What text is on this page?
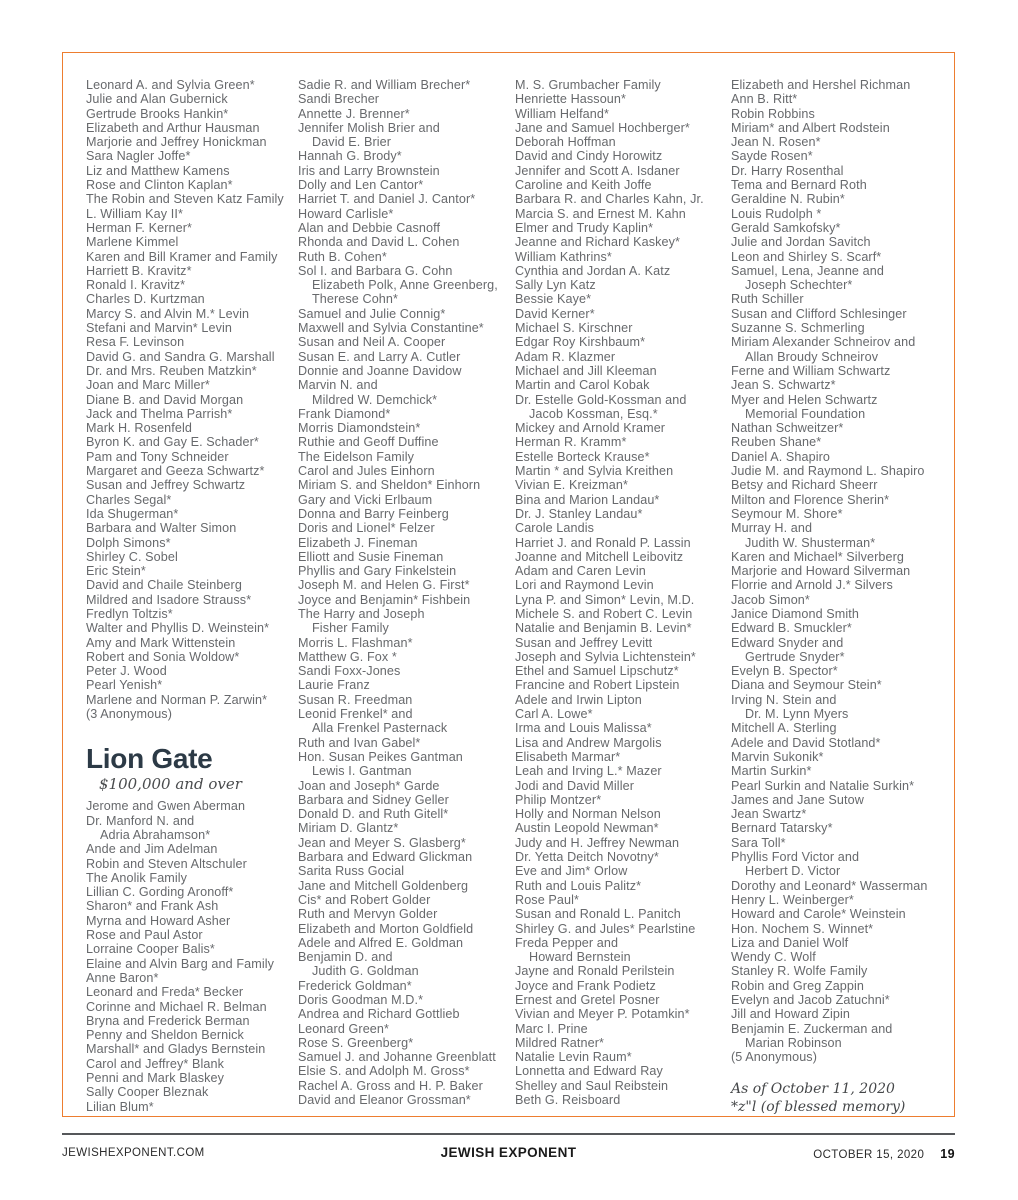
Leonard A. and Sylvia Green*
Julie and Alan Gubernick
Gertrude Brooks Hankin*
Elizabeth and Arthur Hausman
Marjorie and Jeffrey Honickman
Sara Nagler Joffe*
Liz and Matthew Kamens
Rose and Clinton Kaplan*
The Robin and Steven Katz Family
L. William Kay II*
Herman F. Kerner*
Marlene Kimmel
Karen and Bill Kramer and Family
Harriett B. Kravitz*
Ronald I. Kravitz*
Charles D. Kurtzman
Marcy S. and Alvin M.* Levin
Stefani and Marvin* Levin
Resa F. Levinson
David G. and Sandra G. Marshall
Dr. and Mrs. Reuben Matzkin*
Joan and Marc Miller*
Diane B. and David Morgan
Jack and Thelma Parrish*
Mark H. Rosenfeld
Byron K. and Gay E. Schader*
Pam and Tony Schneider
Margaret and Geeza Schwartz*
Susan and Jeffrey Schwartz
Charles Segal*
Ida Shugerman*
Barbara and Walter Simon
Dolph Simons*
Shirley C. Sobel
Eric Stein*
David and Chaile Steinberg
Mildred and Isadore Strauss*
Fredlyn Toltzis*
Walter and Phyllis D. Weinstein*
Amy and Mark Wittenstein
Robert and Sonia Woldow*
Peter J. Wood
Pearl Yenish*
Marlene and Norman P. Zarwin*
(3 Anonymous)
Lion Gate
$100,000 and over
Jerome and Gwen Aberman
Dr. Manford N. and
Adria Abrahamson*
Ande and Jim Adelman
Robin and Steven Altschuler
The Anolik Family
Lillian C. Gording Aronoff*
Sharon* and Frank Ash
Myrna and Howard Asher
Rose and Paul Astor
Lorraine Cooper Balis*
Elaine and Alvin Barg and Family
Anne Baron*
Leonard and Freda* Becker
Corinne and Michael R. Belman
Bryna and Frederick Berman
Penny and Sheldon Bernick
Marshall* and Gladys Bernstein
Carol and Jeffrey* Blank
Penni and Mark Blaskey
Sally Cooper Bleznak
Lilian Blum*
Sadie R. and William Brecher*
Sandi Brecher
Annette J. Brenner*
Jennifer Molish Brier and
David E. Brier
Hannah G. Brody*
Iris and Larry Brownstein
Dolly and Len Cantor*
Harriet T. and Daniel J. Cantor*
Howard Carlisle*
Alan and Debbie Casnoff
Rhonda and David L. Cohen
Ruth B. Cohen*
Sol I. and Barbara G. Cohn
Elizabeth Polk, Anne Greenberg,
Therese Cohn*
Samuel and Julie Connig*
Maxwell and Sylvia Constantine*
Susan and Neil A. Cooper
Susan E. and Larry A. Cutler
Donnie and Joanne Davidow
Marvin N. and
Mildred W. Demchick*
Frank Diamond*
Morris Diamondstein*
Ruthie and Geoff Duffine
The Eidelson Family
Carol and Jules Einhorn
Miriam S. and Sheldon* Einhorn
Gary and Vicki Erlbaum
Donna and Barry Feinberg
Doris and Lionel* Felzer
Elizabeth J. Fineman
Elliott and Susie Fineman
Phyllis and Gary Finkelstein
Joseph M. and Helen G. First*
Joyce and Benjamin* Fishbein
The Harry and Joseph
Fisher Family
Morris L. Flashman*
Matthew G. Fox *
Sandi Foxx-Jones
Laurie Franz
Susan R. Freedman
Leonid Frenkel* and
Alla Frenkel Pasternack
Ruth and Ivan Gabel*
Hon. Susan Peikes Gantman
Lewis I. Gantman
Joan and Joseph* Garde
Barbara and Sidney Geller
Donald D. and Ruth Gitell*
Miriam D. Glantz*
Jean and Meyer S. Glasberg*
Barbara and Edward Glickman
Sarita Russ Gocial
Jane and Mitchell Goldenberg
Cis* and Robert Golder
Ruth and Mervyn Golder
Elizabeth and Morton Goldfield
Adele and Alfred E. Goldman
Benjamin D. and
Judith G. Goldman
Frederick Goldman*
Doris Goodman M.D.*
Andrea and Richard Gottlieb
Leonard Green*
Rose S. Greenberg*
Samuel J. and Johanne Greenblatt
Elsie S. and Adolph M. Gross*
Rachel A. Gross and H. P. Baker
David and Eleanor Grossman*
M. S. Grumbacher Family
Henriette Hassoun*
William Helfand*
Jane and Samuel Hochberger*
Deborah Hoffman
David and Cindy Horowitz
Jennifer and Scott A. Isdaner
Caroline and Keith Joffe
Barbara R. and Charles Kahn, Jr.
Marcia S. and Ernest M. Kahn
Elmer and Trudy Kaplin*
Jeanne and Richard Kaskey*
William Kathrins*
Cynthia and Jordan A. Katz
Sally Lyn Katz
Bessie Kaye*
David Kerner*
Michael S. Kirschner
Edgar Roy Kirshbaum*
Adam R. Klazmer
Michael and Jill Kleeman
Martin and Carol Kobak
Dr. Estelle Gold-Kossman and
Jacob Kossman, Esq.*
Mickey and Arnold Kramer
Herman R. Kramm*
Estelle Borteck Krause*
Martin * and Sylvia Kreithen
Vivian E. Kreizman*
Bina and Marion Landau*
Dr. J. Stanley Landau*
Carole Landis
Harriet J. and Ronald P. Lassin
Joanne and Mitchell Leibovitz
Adam and Caren Levin
Lori and Raymond Levin
Lyna P. and Simon* Levin, M.D.
Michele S. and Robert C. Levin
Natalie and Benjamin B. Levin*
Susan and Jeffrey Levitt
Joseph and Sylvia Lichtenstein*
Ethel and Samuel Lipschutz*
Francine and Robert Lipstein
Adele and Irwin Lipton
Carl A. Lowe*
Irma and Louis Malissa*
Lisa and Andrew Margolis
Elisabeth Marmar*
Leah and Irving L.* Mazer
Jodi and David Miller
Philip Montzer*
Holly and Norman Nelson
Austin Leopold Newman*
Judy and H. Jeffrey Newman
Dr. Yetta Deitch Novotny*
Eve and Jim* Orlow
Ruth and Louis Palitz*
Rose Paul*
Susan and Ronald L. Panitch
Shirley G. and Jules* Pearlstine
Freda Pepper and
Howard Bernstein
Jayne and Ronald Perilstein
Joyce and Frank Podietz
Ernest and Gretel Posner
Vivian and Meyer P. Potamkin*
Marc I. Prine
Mildred Ratner*
Natalie Levin Raum*
Lonnetta and Edward Ray
Shelley and Saul Reibstein
Beth G. Reisboard
Elizabeth and Hershel Richman
Ann B. Ritt*
Robin Robbins
Miriam* and Albert Rodstein
Jean N. Rosen*
Sayde Rosen*
Dr. Harry Rosenthal
Tema and Bernard Roth
Geraldine N. Rubin*
Louis Rudolph *
Gerald Samkofsky*
Julie and Jordan Savitch
Leon and Shirley S. Scarf*
Samuel, Lena, Jeanne and
Joseph Schechter*
Ruth Schiller
Susan and Clifford Schlesinger
Suzanne S. Schmerling
Miriam Alexander Schneirov and
Allan Broudy Schneirov
Ferne and William Schwartz
Jean S. Schwartz*
Myer and Helen Schwartz
Memorial Foundation
Nathan Schweitzer*
Reuben Shane*
Daniel A. Shapiro
Judie M. and Raymond L. Shapiro
Betsy and Richard Sheerr
Milton and Florence Sherin*
Seymour M. Shore*
Murray H. and
Judith W. Shusterman*
Karen and Michael* Silverberg
Marjorie and Howard Silverman
Florrie and Arnold J.* Silvers
Jacob Simon*
Janice Diamond Smith
Edward B. Smuckler*
Edward Snyder and
Gertrude Snyder*
Evelyn B. Spector*
Diana and Seymour Stein*
Irving N. Stein and
Dr. M. Lynn Myers
Mitchell A. Sterling
Adele and David Stotland*
Marvin Sukonik*
Martin Surkin*
Pearl Surkin and Natalie Surkin*
James and Jane Sutow
Jean Swartz*
Bernard Tatarsky*
Sara Toll*
Phyllis Ford Victor and
Herbert D. Victor
Dorothy and Leonard* Wasserman
Henry L. Weinberger*
Howard and Carole* Weinstein
Hon. Nochem S. Winnet*
Liza and Daniel Wolf
Wendy C. Wolf
Stanley R. Wolfe Family
Robin and Greg Zappin
Evelyn and Jacob Zatuchni*
Jill and Howard Zipin
Benjamin E. Zuckerman and
Marian Robinson
(5 Anonymous)
As of October 11, 2020
*z"l (of blessed memory)
JEWISHEXPONENT.COM	JEWISH EXPONENT	OCTOBER 15, 2020 19
